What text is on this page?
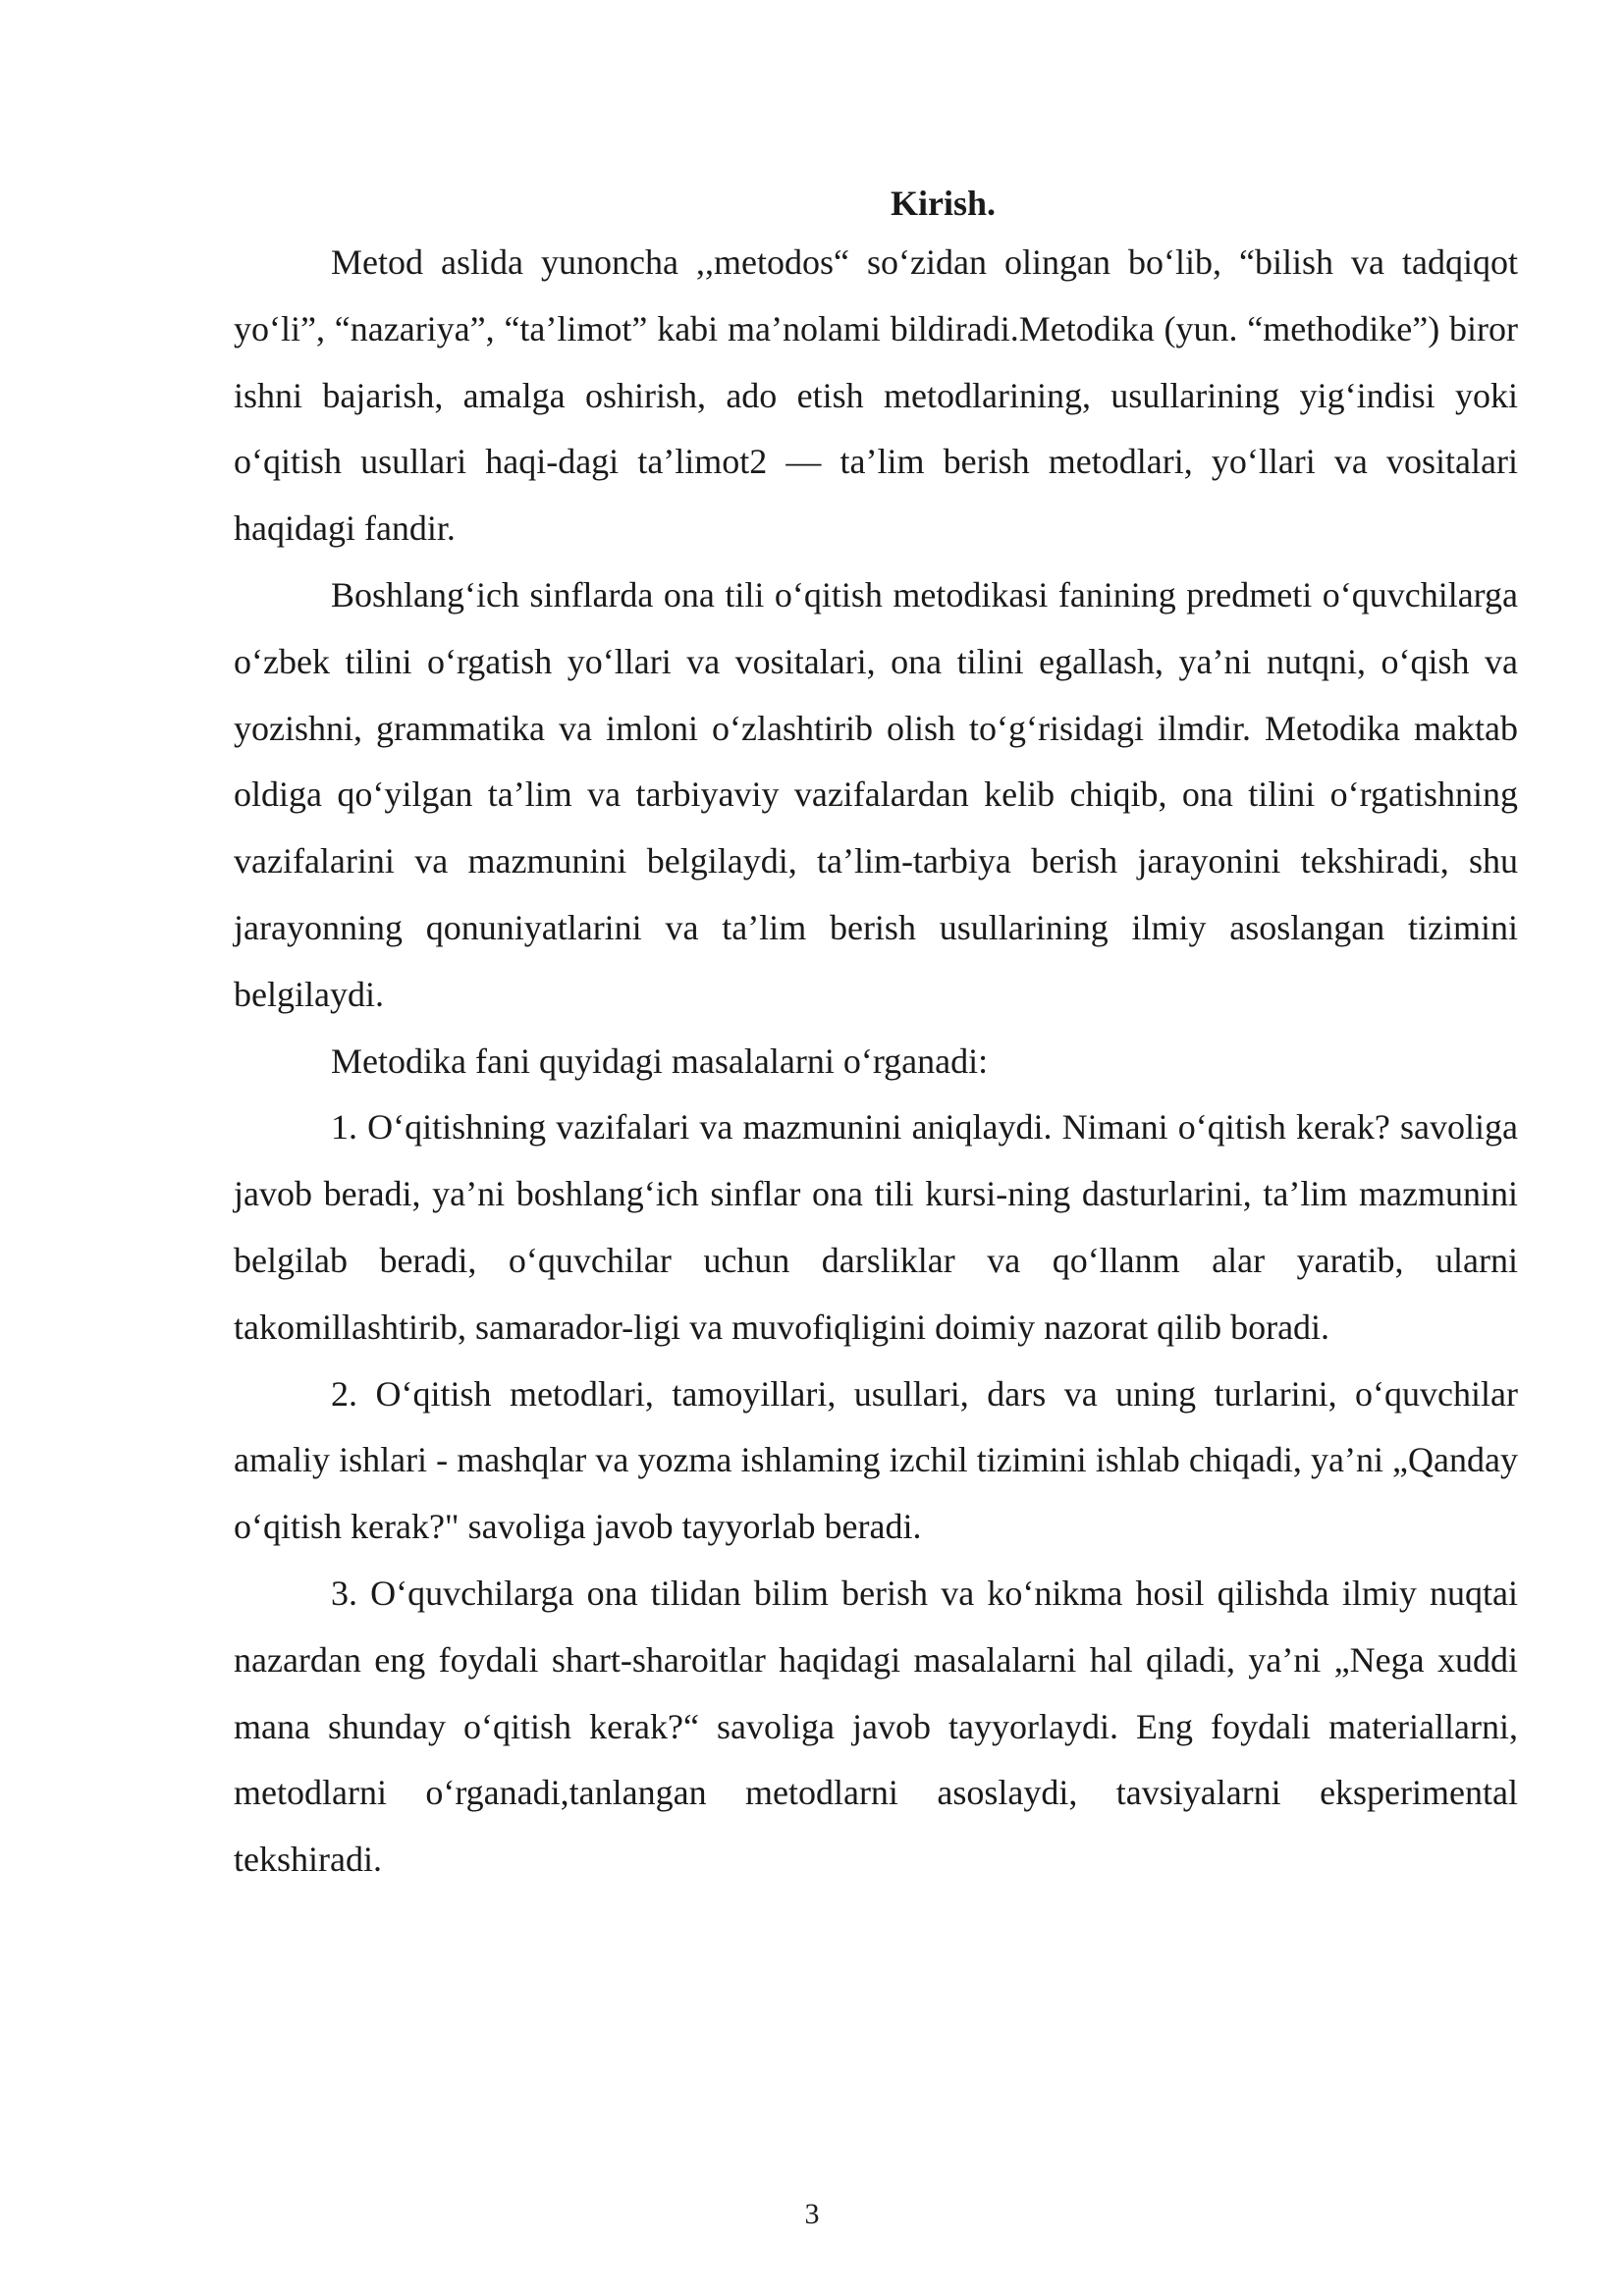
Kirish.

Metod aslida yunoncha ,,metodos“ so‘zidan olingan bo‘lib, “bilish va tadqiqot yo‘li”, “nazariya”, “ta’limot” kabi ma’nolami bildiradi.Metodika (yun. “methodike”) biror ishni bajarish, amalga oshirish, ado etish metodlarining, usullarining yig‘indisi yoki o‘qitish usullari haqi-dagi ta’limot2 — ta’lim berish metodlari, yo‘llari va vositalari haqidagi fandir.

Boshlang‘ich sinflarda ona tili o‘qitish metodikasi fanining predmeti o‘quvchilarga o‘zbek tilini o‘rgatish yo‘llari va vositalari, ona tilini egallash, ya’ni nutqni, o‘qish va yozishni, grammatika va imloni o‘zlashtirib olish to‘g‘risidagi ilmdir. Metodika maktab oldiga qo‘yilgan ta’lim va tarbiyaviy vazifalardan kelib chiqib, ona tilini o‘rgatishning vazifalarini va mazmunini belgilaydi, ta’lim-tarbiya berish jarayonini tekshiradi, shu jarayonning qonuniyatlarini va ta’lim berish usullarining ilmiy asoslangan tizimini belgilaydi.

Metodika fani quyidagi masalalarni o‘rganadi:

1. O‘qitishning vazifalari va mazmunini aniqlaydi. Nimani o‘qitish kerak? savoliga javob beradi, ya’ni boshlang‘ich sinflar ona tili kursi-ning dasturlarini, ta’lim mazmunini belgilab beradi, o‘quvchilar uchun darsliklar va qo‘llanm alar yaratib, ularni takomillashtirib, samarador-ligi va muvofiqligini doimiy nazorat qilib boradi.

2. O‘qitish metodlari, tamoyillari, usullari, dars va uning turlarini, o‘quvchilar amaliy ishlari - mashqlar va yozma ishlaming izchil tizimini ishlab chiqadi, ya’ni „Qanday o‘qitish kerak?" savoliga javob tayyorlab beradi.

3. O‘quvchilarga ona tilidan bilim berish va ko‘nikma hosil qilishda ilmiy nuqtai nazardan eng foydali shart-sharoitlar haqidagi masalalarni hal qiladi, ya’ni „Nega xuddi mana shunday o‘qitish kerak?“ savoliga javob tayyorlaydi. Eng foydali materiallarni, metodlarni o‘rganadi,tanlangan metodlarni asoslaydi, tavsiyalarni eksperimental tekshiradi.

3
